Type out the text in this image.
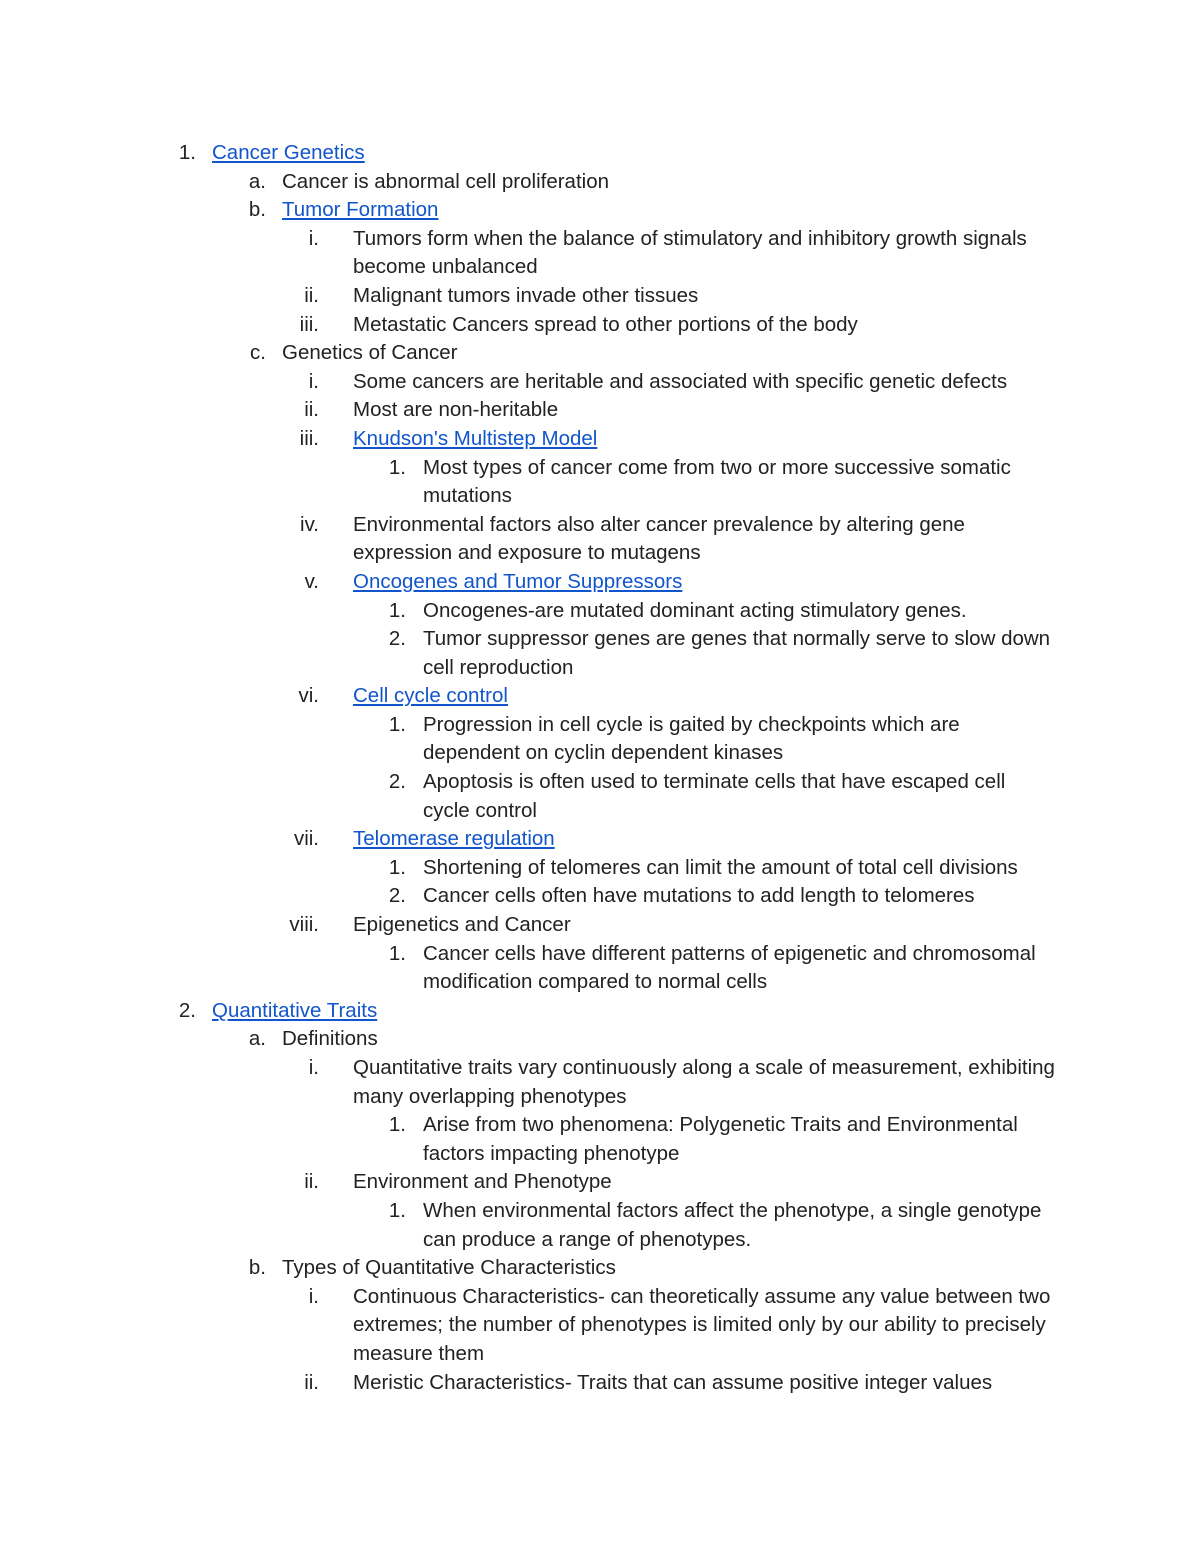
1. Cancer Genetics
a. Cancer is abnormal cell proliferation
b. Tumor Formation
i. Tumors form when the balance of stimulatory and inhibitory growth signals become unbalanced
ii. Malignant tumors invade other tissues
iii. Metastatic Cancers spread to other portions of the body
c. Genetics of Cancer
i. Some cancers are heritable and associated with specific genetic defects
ii. Most are non-heritable
iii. Knudson's Multistep Model
1. Most types of cancer come from two or more successive somatic mutations
iv. Environmental factors also alter cancer prevalence by altering gene expression and exposure to mutagens
v. Oncogenes and Tumor Suppressors
1. Oncogenes-are mutated dominant acting stimulatory genes.
2. Tumor suppressor genes are genes that normally serve to slow down cell reproduction
vi. Cell cycle control
1. Progression in cell cycle is gaited by checkpoints which are dependent on cyclin dependent kinases
2. Apoptosis is often used to terminate cells that have escaped cell cycle control
vii. Telomerase regulation
1. Shortening of telomeres can limit the amount of total cell divisions
2. Cancer cells often have mutations to add length to telomeres
viii. Epigenetics and Cancer
1. Cancer cells have different patterns of epigenetic and chromosomal modification compared to normal cells
2. Quantitative Traits
a. Definitions
i. Quantitative traits vary continuously along a scale of measurement, exhibiting many overlapping phenotypes
1. Arise from two phenomena: Polygenetic Traits and Environmental factors impacting phenotype
ii. Environment and Phenotype
1. When environmental factors affect the phenotype, a single genotype can produce a range of phenotypes.
b. Types of Quantitative Characteristics
i. Continuous Characteristics- can theoretically assume any value between two extremes; the number of phenotypes is limited only by our ability to precisely measure them
ii. Meristic Characteristics- Traits that can assume positive integer values
